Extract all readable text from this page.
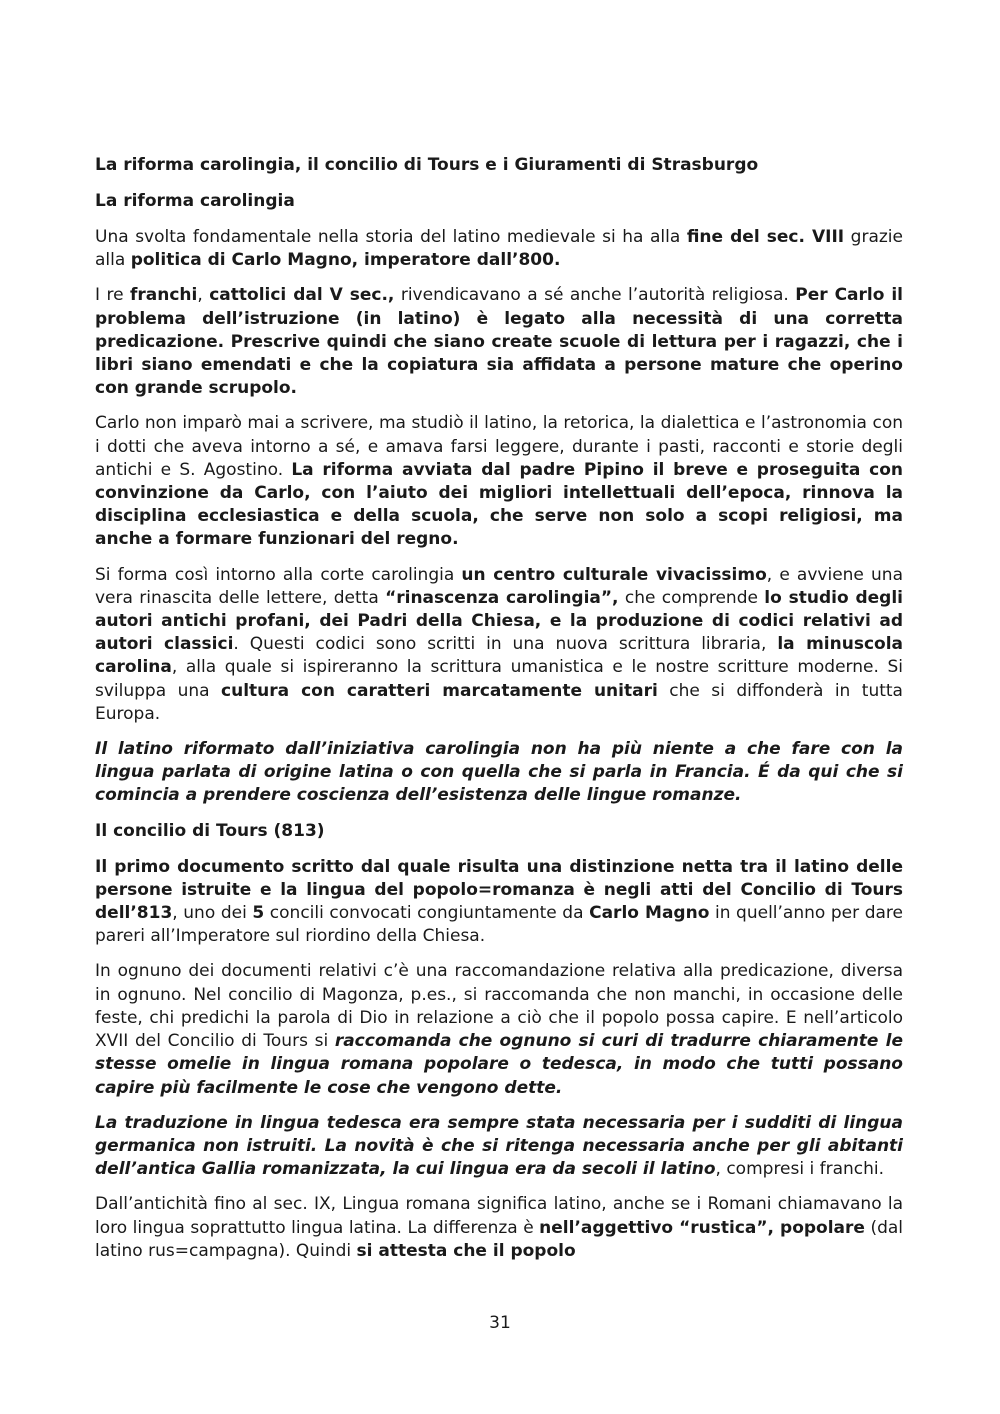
La riforma carolingia, il concilio di Tours e i Giuramenti di Strasburgo
La riforma carolingia

Una svolta fondamentale nella storia del latino medievale si ha alla fine del sec. VIII grazie alla politica di Carlo Magno, imperatore dall’800.

I re franchi, cattolici dal V sec., rivendicavano a sé anche l’autorità religiosa. Per Carlo il problema dell’istruzione (in latino) è legato alla necessità di una corretta predicazione. Prescrive quindi che siano create scuole di lettura per i ragazzi, che i libri siano emendati e che la copiatura sia affidata a persone mature che operino con grande scrupolo.

Carlo non imparò mai a scrivere, ma studiò il latino, la retorica, la dialettica e l’astronomia con i dotti che aveva intorno a sé, e amava farsi leggere, durante i pasti, racconti e storie degli antichi e S. Agostino. La riforma avviata dal padre Pipino il breve e proseguita con convinzione da Carlo, con l’aiuto dei migliori intellettuali dell’epoca, rinnova la disciplina ecclesiastica e della scuola, che serve non solo a scopi religiosi, ma anche a formare funzionari del regno.

Si forma così intorno alla corte carolingia un centro culturale vivacissimo, e avviene una vera rinascita delle lettere, detta “rinascenza carolingia”, che comprende lo studio degli autori antichi profani, dei Padri della Chiesa, e la produzione di codici relativi ad autori classici. Questi codici sono scritti in una nuova scrittura libraria, la minuscola carolina, alla quale si ispireranno la scrittura umanistica e le nostre scritture moderne. Si sviluppa una cultura con caratteri marcatamente unitari che si diffonderà in tutta Europa.

Il latino riformato dall’iniziativa carolingia non ha più niente a che fare con la lingua parlata di origine latina o con quella che si parla in Francia. É da qui che si comincia a prendere coscienza dell’esistenza delle lingue romanze.

Il concilio di Tours (813)

Il primo documento scritto dal quale risulta una distinzione netta tra il latino delle persone istruite e la lingua del popolo=romanza è negli atti del Concilio di Tours dell’813, uno dei 5 concili convocati congiuntamente da Carlo Magno in quell’anno per dare pareri all’Imperatore sul riordino della Chiesa.

In ognuno dei documenti relativi c’è una raccomandazione relativa alla predicazione, diversa in ognuno. Nel concilio di Magonza, p.es., si raccomanda che non manchi, in occasione delle feste, chi predichi la parola di Dio in relazione a ciò che il popolo possa capire. E nell’articolo XVII del Concilio di Tours si raccomanda che ognuno si curi di tradurre chiaramente le stesse omelie in lingua romana popolare o tedesca, in modo che tutti possano capire più facilmente le cose che vengono dette.

La traduzione in lingua tedesca era sempre stata necessaria per i sudditi di lingua germanica non istruiti. La novità è che si ritenga necessaria anche per gli abitanti dell’antica Gallia romanizzata, la cui lingua era da secoli il latino, compresi i franchi.

Dall’antichità fino al sec. IX, Lingua romana significa latino, anche se i Romani chiamavano la loro lingua soprattutto lingua latina. La differenza è nell’aggettivo “rustica”, popolare (dal latino rus=campagna). Quindi si attesta che il popolo

31
